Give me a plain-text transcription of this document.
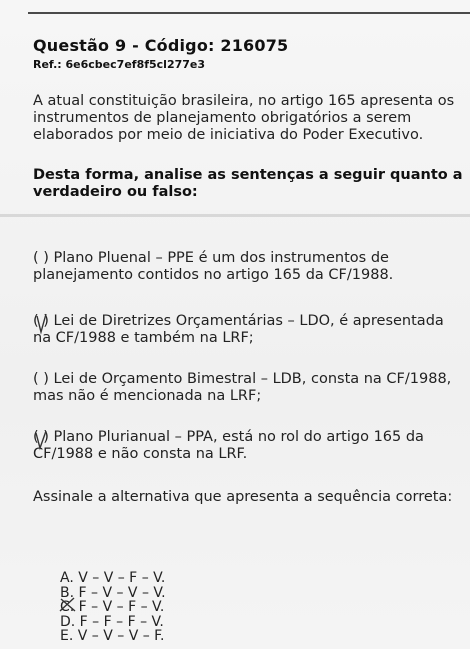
Questão 9 - Código: 216075
Ref.: 6e6cbec7ef8f5cl277e3
A atual constituição brasileira, no artigo 165 apresenta os instrumentos de planejamento obrigatórios a serem elaborados por meio de iniciativa do Poder Executivo.
Desta forma, analise as sentenças a seguir quanto a verdadeiro ou falso:
( ) Plano Pluenal – PPE é um dos instrumentos de planejamento contidos no artigo 165 da CF/1988.
( ) Lei de Diretrizes Orçamentárias – LDO, é apresentada na CF/1988 e também na LRF;
( ) Lei de Orçamento Bimestral – LDB, consta na CF/1988, mas não é mencionada na LRF;
( ) Plano Plurianual – PPA, está no rol do artigo 165 da CF/1988 e não consta na LRF.
Assinale a alternativa que apresenta a sequência correta:
A. V – V – F – V.
B. F – V – V – V.
C. F – V – F – V.
D. F – F – F – V.
E. V – V – V – F.
